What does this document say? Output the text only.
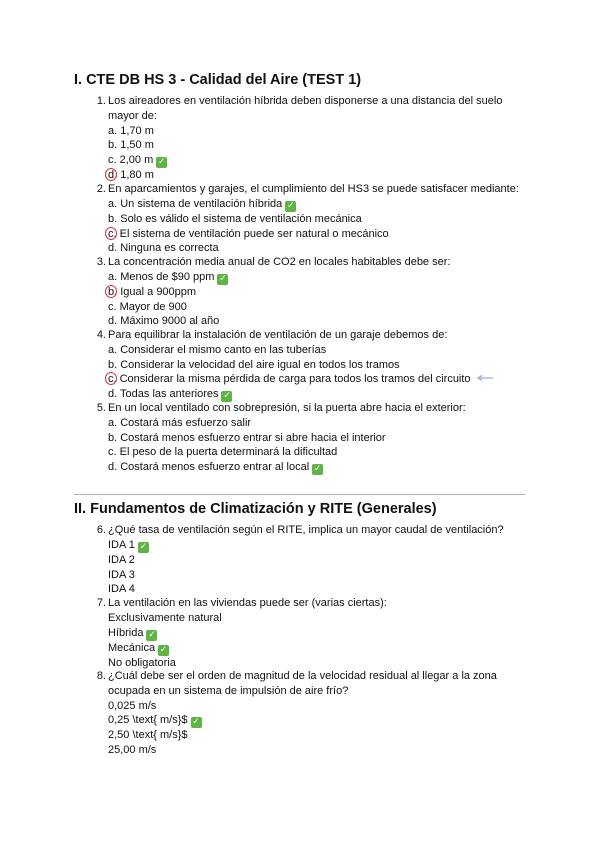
I. CTE DB HS 3 - Calidad del Aire (TEST 1)
1. Los aireadores en ventilación híbrida deben disponerse a una distancia del suelo mayor de:
a. 1,70 m
b. 1,50 m
c. 2,00 m ✓
d. 1,80 m
2. En aparcamientos y garajes, el cumplimiento del HS3 se puede satisfacer mediante:
a. Un sistema de ventilación híbrida ✓
b. Solo es válido el sistema de ventilación mecánica
c. El sistema de ventilación puede ser natural o mecánico
d. Ninguna es correcta
3. La concentración media anual de CO2 en locales habitables debe ser:
a. Menos de $90 ppm ✓
b. Igual a 900ppm
c. Mayor de 900
d. Máximo 9000 al año
4. Para equilibrar la instalación de ventilación de un garaje debemos de:
a. Considerar el mismo canto en las tuberías
b. Considerar la velocidad del aire igual en todos los tramos
c. Considerar la misma pérdida de carga para todos los tramos del circuito
d. Todas las anteriores ✓
5. En un local ventilado con sobrepresión, si la puerta abre hacia el exterior:
a. Costará más esfuerzo salir
b. Costará menos esfuerzo entrar si abre hacia el interior
c. El peso de la puerta determinará la dificultad
d. Costará menos esfuerzo entrar al local ✓
II. Fundamentos de Climatización y RITE (Generales)
6. ¿Qué tasa de ventilación según el RITE, implica un mayor caudal de ventilación?
IDA 1 ✓
IDA 2
IDA 3
IDA 4
7. La ventilación en las viviendas puede ser (varias ciertas):
Exclusivamente natural
Híbrida ✓
Mecánica ✓
No obligatoria
8. ¿Cuál debe ser el orden de magnitud de la velocidad residual al llegar a la zona ocupada en un sistema de impulsión de aire frío?
0,025 m/s
0,25 \text{ m/s}$ ✓
2,50 \text{ m/s}$
25,00 m/s
